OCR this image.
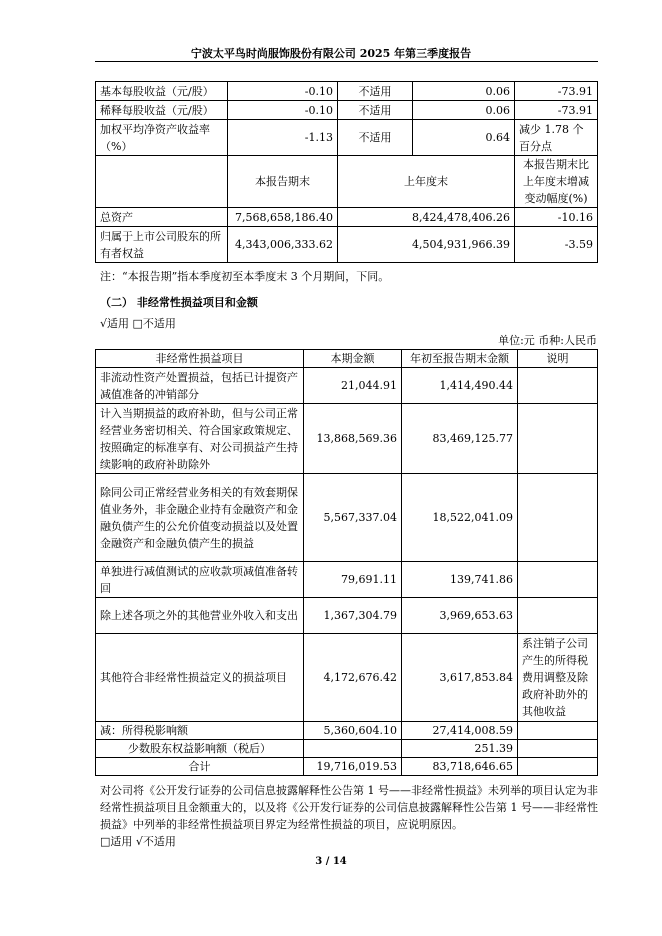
宁波太平鸟时尚服饰股份有限公司 2025 年第三季度报告
基本每股收益（元/股）	-0.10	不适用	0.06	-73.91
稀释每股收益（元/股）	-0.10	不适用	0.06	-73.91
加权平均净资产收益率（%）	-1.13	不适用	0.64	减少 1.78 个百分点
	本报告期末	上年度末		本报告期末比上年度末增减变动幅度(%)
总资产	7,568,658,186.40	8,424,478,406.26		-10.16
归属于上市公司股东的所有者权益	4,343,006,333.62	4,504,931,966.39		-3.59
注：“本报告期”指本季度初至本季度末 3 个月期间，下同。
（二） 非经常性损益项目和金额
√适用 □不适用
单位:元 币种:人民币
非经常性损益项目	本期金额	年初至报告期末金额	说明
非流动性资产处置损益，包括已计提资产减值准备的冲销部分	21,044.91	1,414,490.44	
计入当期损益的政府补助，但与公司正常经营业务密切相关、符合国家政策规定、按照确定的标准享有、对公司损益产生持续影响的政府补助除外	13,868,569.36	83,469,125.77	
除同公司正常经营业务相关的有效套期保值业务外，非金融企业持有金融资产和金融负债产生的公允价值变动损益以及处置金融资产和金融负债产生的损益	5,567,337.04	18,522,041.09	
单独进行减值测试的应收款项减值准备转回	79,691.11	139,741.86	
除上述各项之外的其他营业外收入和支出	1,367,304.79	3,969,653.63	
其他符合非经常性损益定义的损益项目	4,172,676.42	3,617,853.84	系注销子公司产生的所得税费用调整及除政府补助外的其他收益
减：所得税影响额	5,360,604.10	27,414,008.59	
少数股东权益影响额（税后）		251.39	
合计	19,716,019.53	83,718,646.65	
对公司将《公开发行证券的公司信息披露解释性公告第 1 号——非经常性损益》未列举的项目认定为非经常性损益项目且金额重大的，以及将《公开发行证券的公司信息披露解释性公告第 1 号——非经常性损益》中列举的非经常性损益项目界定为经常性损益的项目，应说明原因。
□适用 √不适用
3 / 14
